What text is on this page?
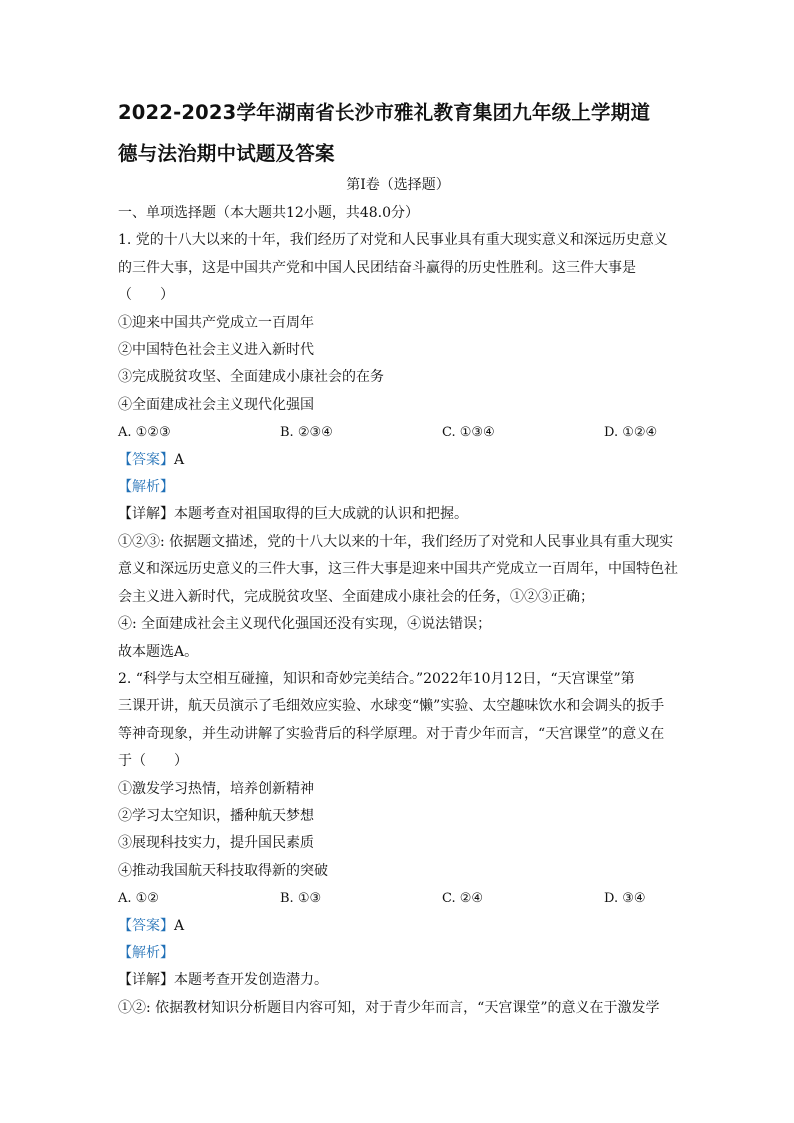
2022-2023学年湖南省长沙市雅礼教育集团九年级上学期道
德与法治期中试题及答案
第I卷（选择题）
一、单项选择题（本大题共12小题，共48.0分）
1. 党的十八大以来的十年，我们经历了对党和人民事业具有重大现实意义和深远历史意义
的三件大事，这是中国共产党和中国人民团结奋斗赢得的历史性胜利。这三件大事是
（　　）
①迎来中国共产党成立一百周年
②中国特色社会主义进入新时代
③完成脱贫攻坚、全面建成小康社会的在务
④全面建成社会主义现代化强国
A. ①②③	B. ②③④	C. ①③④	D. ①②④
【答案】A
【解析】
【详解】本题考查对祖国取得的巨大成就的认识和把握。
①②③: 依据题文描述，党的十八大以来的十年，我们经历了对党和人民事业具有重大现实
意义和深远历史意义的三件大事，这三件大事是迎来中国共产党成立一百周年，中国特色社
会主义进入新时代，完成脱贫攻坚、全面建成小康社会的任务，①②③正确；
④: 全面建成社会主义现代化强国还没有实现，④说法错误；
故本题选A。
2. “科学与太空相互碰撞，知识和奇妙完美结合。”2022年10月12日，“天宫课堂”第
三课开讲，航天员演示了毛细效应实验、水球变“懒”实验、太空趣味饮水和会调头的扳手
等神奇现象，并生动讲解了实验背后的科学原理。对于青少年而言，“天宫课堂”的意义在
于（　　）
①激发学习热情，培养创新精神
②学习太空知识，播种航天梦想
③展现科技实力，提升国民素质
④推动我国航天科技取得新的突破
A. ①②	B. ①③	C. ②④	D. ③④
【答案】A
【解析】
【详解】本题考查开发创造潜力。
①②: 依据教材知识分析题目内容可知，对于青少年而言，“天宫课堂”的意义在于激发学
